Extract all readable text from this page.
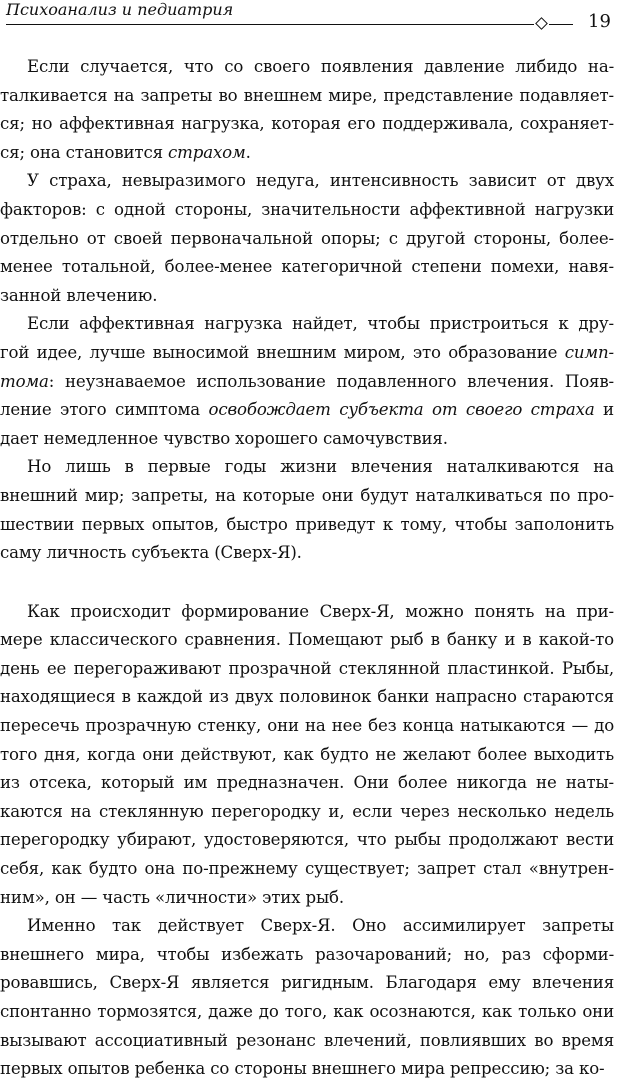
Психоанализ и педиатрия
19
Если случается, что со своего появления давление либидо на-
талкивается на запреты во внешнем мире, представление подавляет-
ся; но аффективная нагрузка, которая его поддерживала, сохраняет-
ся; она становится страхом.
У страха, невыразимого недуга, интенсивность зависит от двух
факторов: с одной стороны, значительности аффективной нагрузки
отдельно от своей первоначальной опоры; с другой стороны, более-
менее тотальной, более-менее категоричной степени помехи, навя-
занной влечению.
Если аффективная нагрузка найдет, чтобы пристроиться к дру-
гой идее, лучше выносимой внешним миром, это образование симп-
тома: неузнаваемое использование подавленного влечения. Появ-
ление этого симптома освобождает субъекта от своего страха и
дает немедленное чувство хорошего самочувствия.
Но лишь в первые годы жизни влечения наталкиваются на
внешний мир; запреты, на которые они будут наталкиваться по про-
шествии первых опытов, быстро приведут к тому, чтобы заполонить
саму личность субъекта (Сверх-Я).
Как происходит формирование Сверх-Я, можно понять на при-
мере классического сравнения. Помещают рыб в банку и в какой-то
день ее перегораживают прозрачной стеклянной пластинкой. Рыбы,
находящиеся в каждой из двух половинок банки напрасно стараются
пересечь прозрачную стенку, они на нее без конца натыкаются — до
того дня, когда они действуют, как будто не желают более выходить
из отсека, который им предназначен. Они более никогда не наты-
каются на стеклянную перегородку и, если через несколько недель
перегородку убирают, удостоверяются, что рыбы продолжают вести
себя, как будто она по-прежнему существует; запрет стал «внутрен-
ним», он — часть «личности» этих рыб.
Именно так действует Сверх-Я. Оно ассимилирует запреты
внешнего мира, чтобы избежать разочарований; но, раз сформи-
ровавшись, Сверх-Я является ригидным. Благодаря ему влечения
спонтанно тормозятся, даже до того, как осознаются, как только они
вызывают ассоциативный резонанс влечений, повлиявших во время
первых опытов ребенка со стороны внешнего мира репрессию; за ко-
